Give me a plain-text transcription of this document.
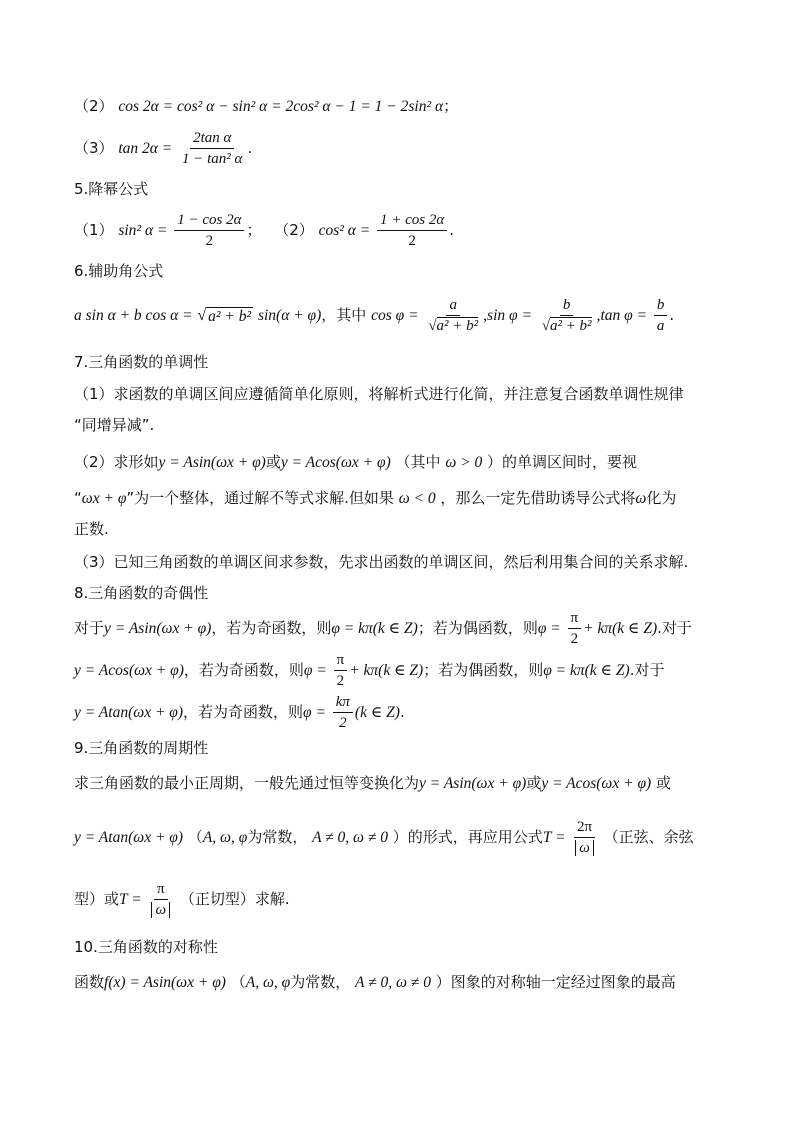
（2） cos 2α = cos² α − sin² α = 2cos² α − 1 = 1 − 2sin² α；
（3） $\tan 2\alpha = \frac{\text{2tan α}}{\text{1 − tan² α}}$ .
5.降幂公式
（1） sin² $\alpha = \frac{1 - \cos 2\alpha}{2}$ ； （2） cos² $\alpha = \frac{1 + \cos 2\alpha}{2}$ .
6.辅助角公式
a sin α + b cos α = √ a² + b² sin(α + φ)，其中 $\cos \varphi = \frac{a}{\text{√a² + b²}} ,\sin$ $\varphi = \frac{b}{\text{√a² + b²}} ,\tan$ $\varphi = \frac{b}{a}$ .
7.三角函数的单调性
（1）求函数的单调区间应遵循简单化原则，将解析式进行化简，并注意复合函数单调性规律
“同增异减”.
（2）求形如y = Asin(ωx + φ)或y = Acos(ωx + φ) （其中 ω > 0 ）的单调区间时，要视
“ωx + φ”为一个整体，通过解不等式求解.但如果 ω < 0 ，那么一定先借助诱导公式将ω化为
正数.
（3）已知三角函数的单调区间求参数，先求出函数的单调区间，然后利用集合间的关系求解.
8.三角函数的奇偶性
对于y = Asin(ωx + φ)，若为奇函数，则φ = kπ(k ∈ Z)；若为偶函数，则$\varphi = \frac{\pi}{2} + k\pi(k$ ∈ Z).对于
y = Acos(ωx + φ)，若为奇函数，则$\varphi = \frac{\pi}{2} + k\pi(k$ ∈ Z)；若为偶函数，则φ = kπ(k ∈ Z).对于
y = Atan(ωx + φ)，若为奇函数，则$\varphi = \frac{k\pi}{2} (k$ ∈ Z).
9.三角函数的周期性
求三角函数的最小正周期，一般先通过恒等变换化为y = Asin(ωx + φ)或y = Acos(ωx + φ) 或
y = Atan(ωx + φ) （A, ω, φ为常数， A ≠ 0, ω ≠ 0 ）的形式，再应用公式$T = \frac{2\pi}{\omega}$ （正弦、余弦
型）或$T = \frac{\pi}{\omega}$ （正切型）求解.
10.三角函数的对称性
函数f(x) = Asin(ωx + φ) （A, ω, φ为常数， A ≠ 0, ω ≠ 0 ）图象的对称轴一定经过图象的最高
